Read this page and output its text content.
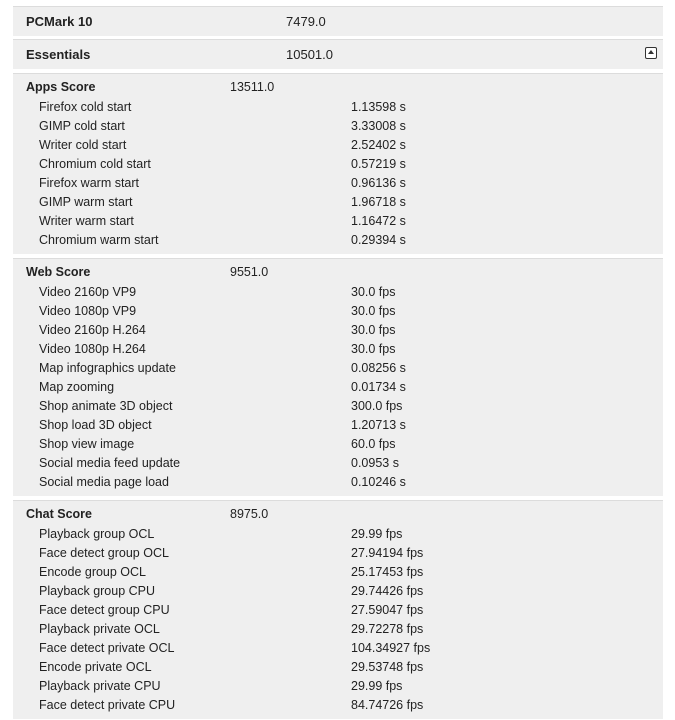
PCMark 10	7479.0
Essentials	10501.0
Apps Score	13511.0
Firefox cold start	1.13598 s
GIMP cold start	3.33008 s
Writer cold start	2.52402 s
Chromium cold start	0.57219 s
Firefox warm start	0.96136 s
GIMP warm start	1.96718 s
Writer warm start	1.16472 s
Chromium warm start	0.29394 s
Web Score	9551.0
Video 2160p VP9	30.0 fps
Video 1080p VP9	30.0 fps
Video 2160p H.264	30.0 fps
Video 1080p H.264	30.0 fps
Map infographics update	0.08256 s
Map zooming	0.01734 s
Shop animate 3D object	300.0 fps
Shop load 3D object	1.20713 s
Shop view image	60.0 fps
Social media feed update	0.0953 s
Social media page load	0.10246 s
Chat Score	8975.0
Playback group OCL	29.99 fps
Face detect group OCL	27.94194 fps
Encode group OCL	25.17453 fps
Playback group CPU	29.74426 fps
Face detect group CPU	27.59047 fps
Playback private OCL	29.72278 fps
Face detect private OCL	104.34927 fps
Encode private OCL	29.53748 fps
Playback private CPU	29.99 fps
Face detect private CPU	84.74726 fps
